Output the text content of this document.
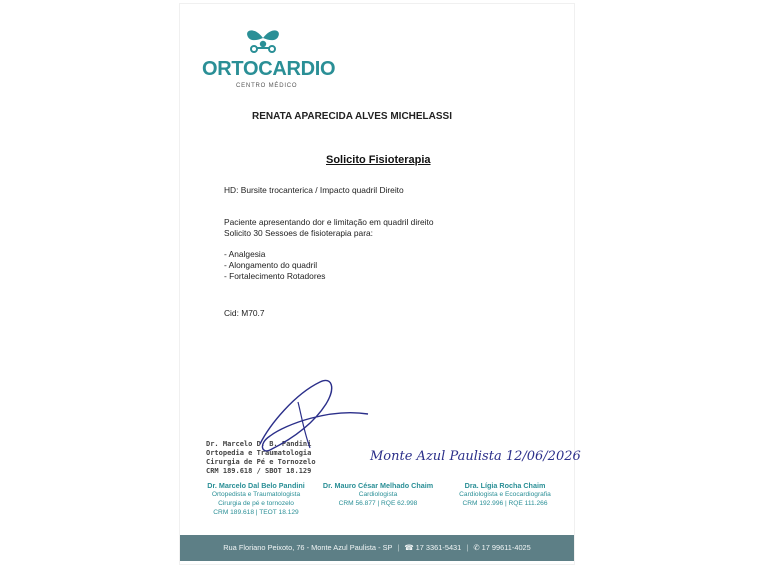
ORTOCARDIO
CENTRO MÉDICO
RENATA APARECIDA ALVES MICHELASSI
Solicito Fisioterapia
HD: Bursite trocanterica / Impacto quadril Direito
Paciente apresentando dor e limitação em quadril direito
Solicito 30 Sessoes de fisioterapia para:
- Analgesia
- Alongamento do quadril
- Fortalecimento Rotadores
Cid: M70.7
Dr. Marcelo D. B. Pandini
Ortopedia e Traumatologia
Cirurgia de Pé e Tornozelo
CRM 189.618 / SBOT 18.129
Monte Azul Paulista 12/06/2026
Dr. Marcelo Dal Belo Pandini
Ortopedista e Traumatologista
Cirurgia de pé e tornozelo
CRM 189.618 | TEOT 18.129
Dr. Mauro César Melhado Chaim
Cardiologista
CRM 56.877 | RQE 62.998
Dra. Lígia Rocha Chaim
Cardiologista e Ecocardiografia
CRM 192.996 | RQE 111.266
Rua Floriano Peixoto, 76 - Monte Azul Paulista - SP | ☎ 17 3361-5431 | ✆ 17 99611-4025
